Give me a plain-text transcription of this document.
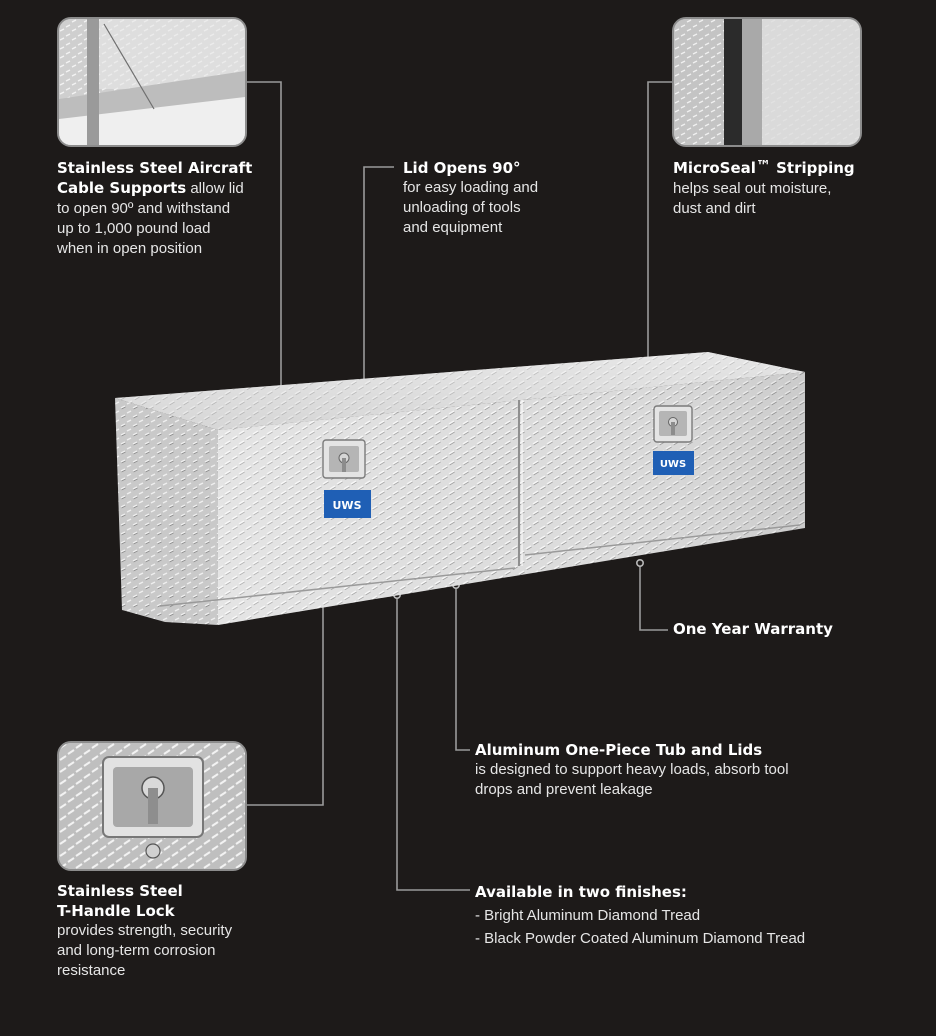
UWS
UWS
Stainless Steel Aircraft
Cable Supports allow lid
to open 90º and withstand
up to 1,000 pound load
when in open position
Lid Opens 90°
for easy loading and
unloading of tools
and equipment
MicroSeal™ Stripping
helps seal out moisture,
dust and dirt
One Year Warranty
Aluminum One-Piece Tub and Lids
is designed to support heavy loads, absorb tool
drops and prevent leakage
Stainless Steel
T-Handle Lock
provides strength, security
and long-term corrosion
resistance
Available in two finishes:
- Bright Aluminum Diamond Tread
- Black Powder Coated Aluminum Diamond Tread
